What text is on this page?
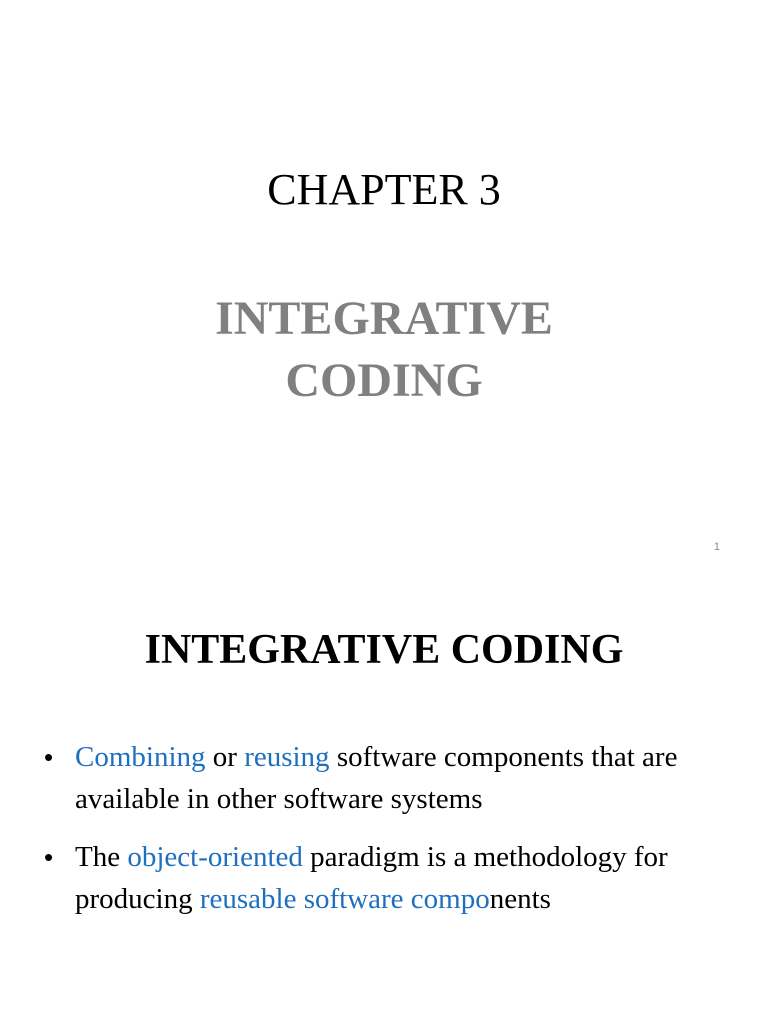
CHAPTER 3
INTEGRATIVE
CODING
1
INTEGRATIVE CODING
• Combining or reusing software components that are available in other software systems
• The object-oriented paradigm is a methodology for producing reusable software components
